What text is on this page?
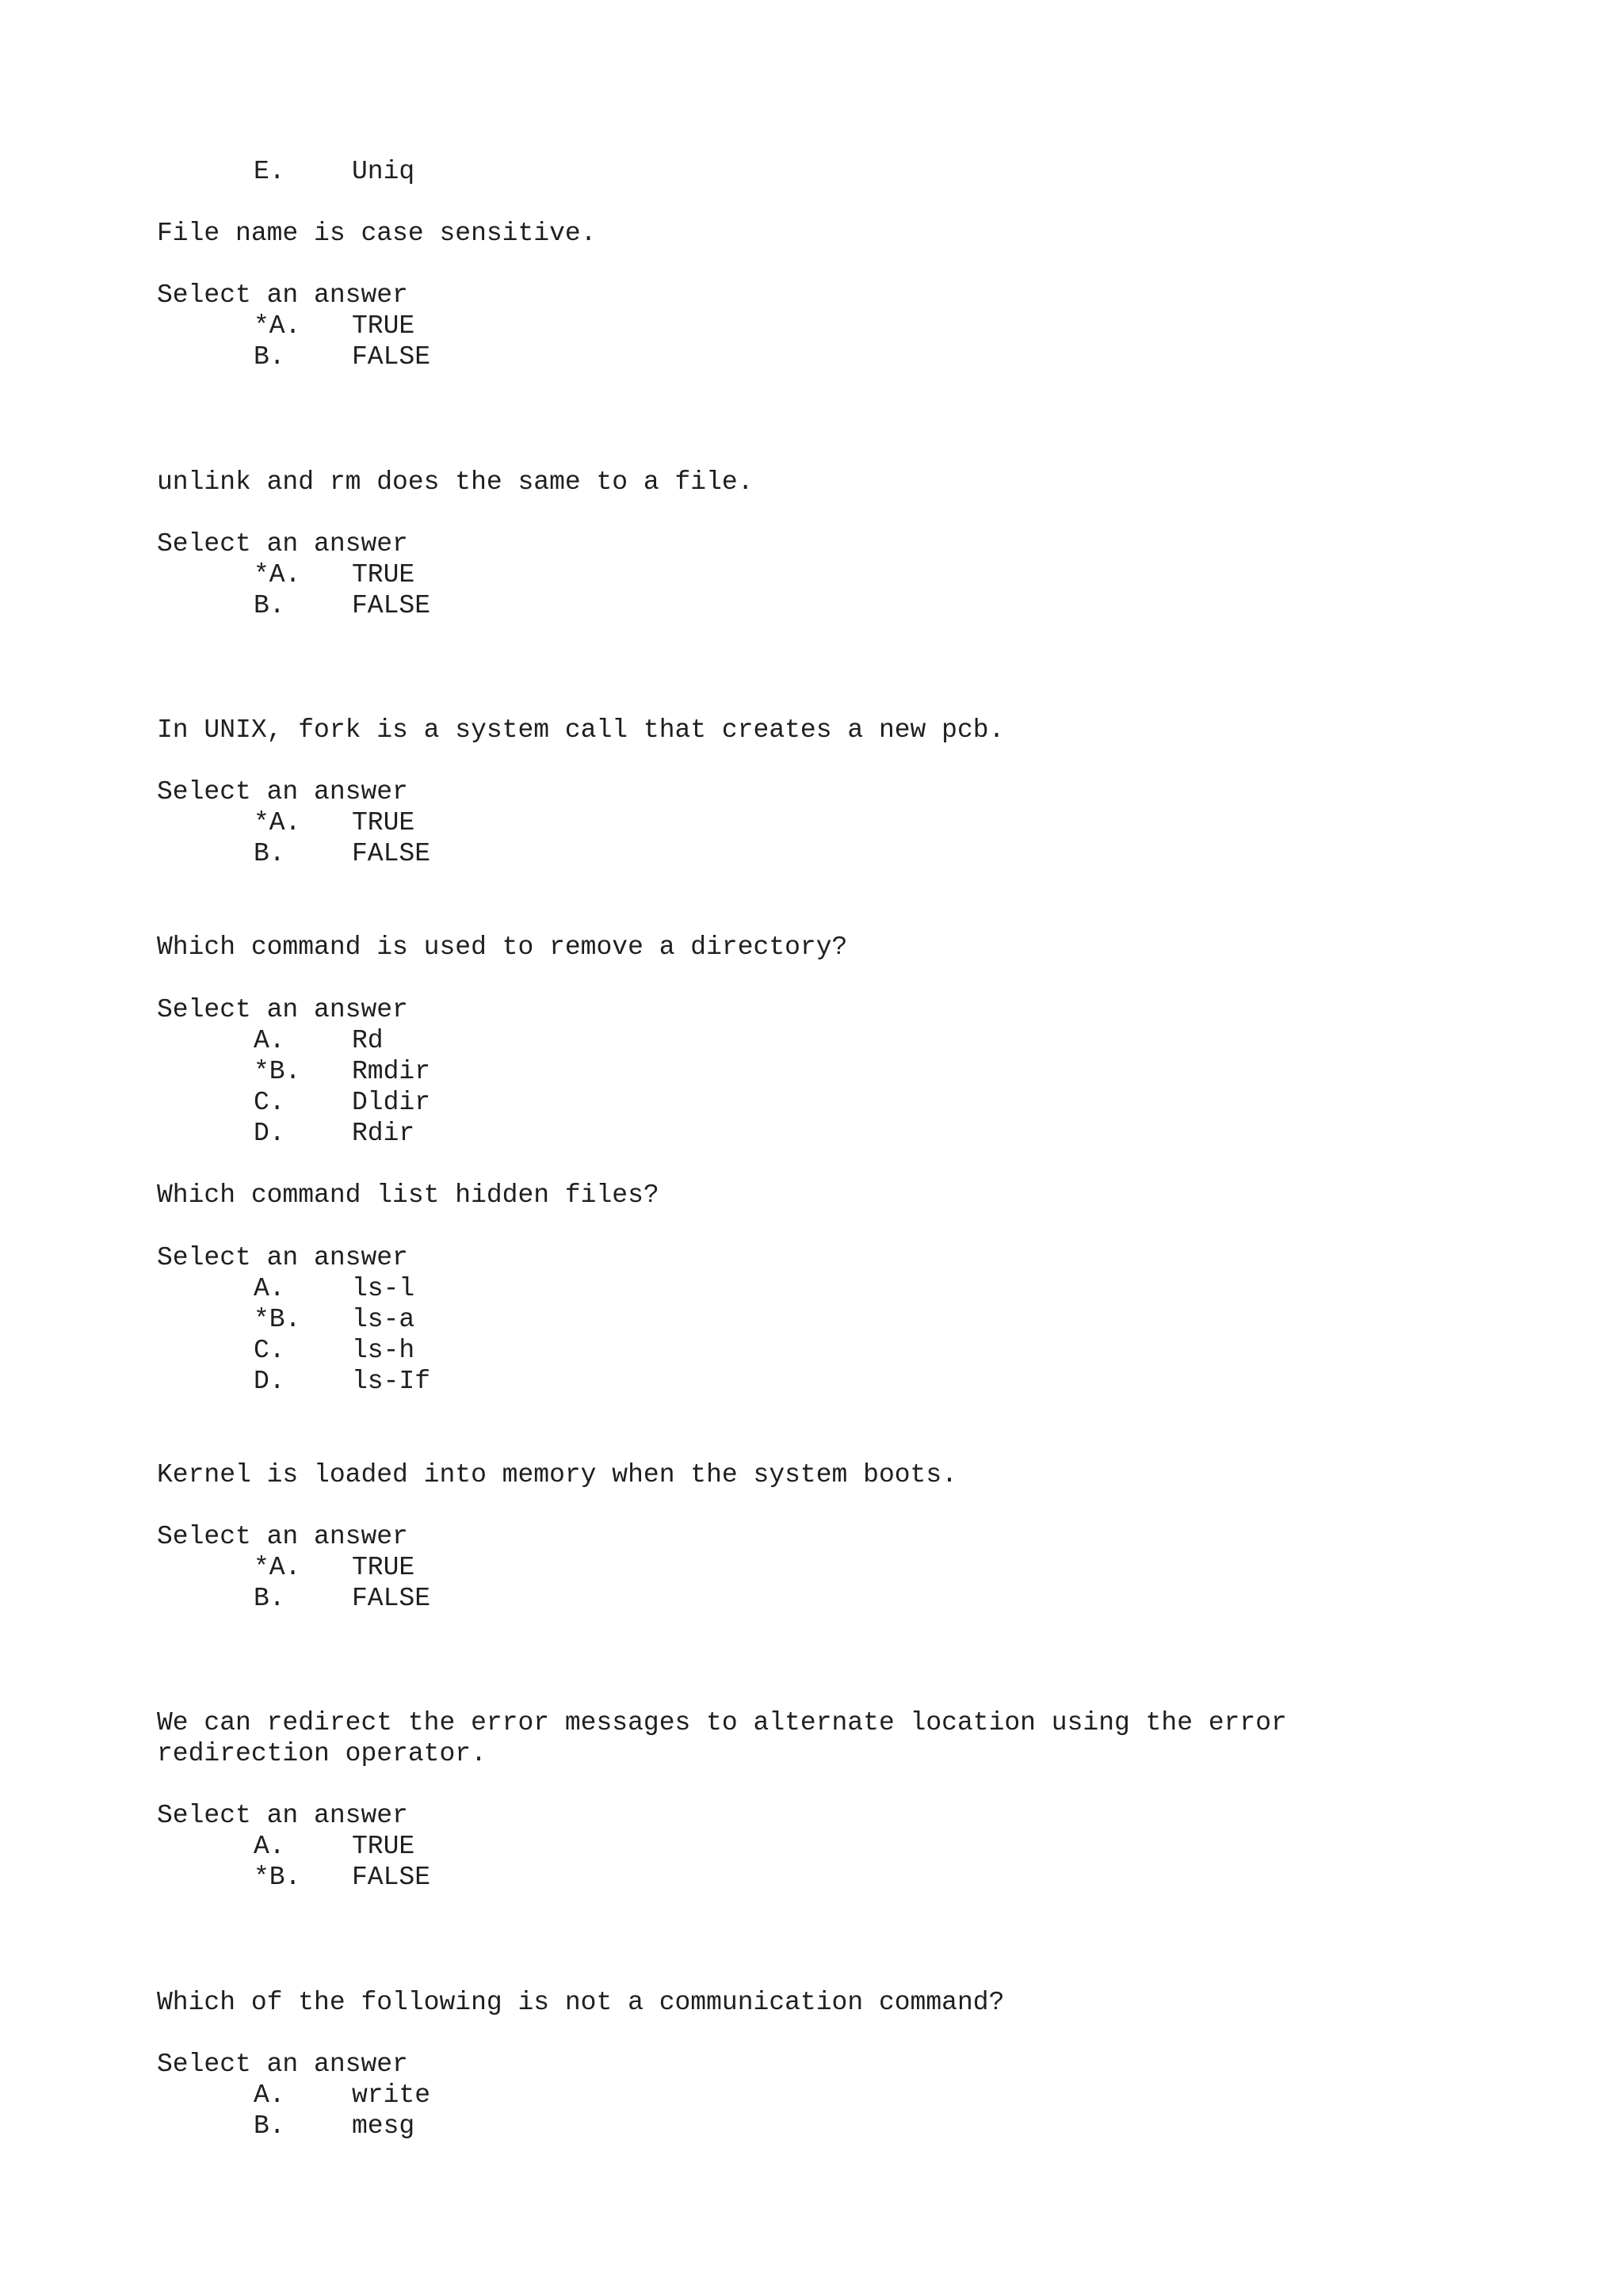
E.	Uniq
File name is case sensitive.
Select an answer
*A. TRUE
B.	FALSE
unlink and rm does the same to a file.
Select an answer
*A. TRUE
B.	FALSE
In UNIX, fork is a system call that creates a new pcb.
Select an answer
*A. TRUE
B.	FALSE
Which command is used to remove a directory?
Select an answer
A.	Rd
*B. Rmdir
C.	Dldir
D.	Rdir
Which command list hidden files?
Select an answer
A.	ls-l
*B. ls-a
C.	ls-h
D.	ls-If
Kernel is loaded into memory when the system boots.
Select an answer
*A. TRUE
B.	FALSE
We can redirect the error messages to alternate location using the error
redirection operator.
Select an answer
A.	TRUE
*B. FALSE
Which of the following is not a communication command?
Select an answer
A.	write
B.	mesg
